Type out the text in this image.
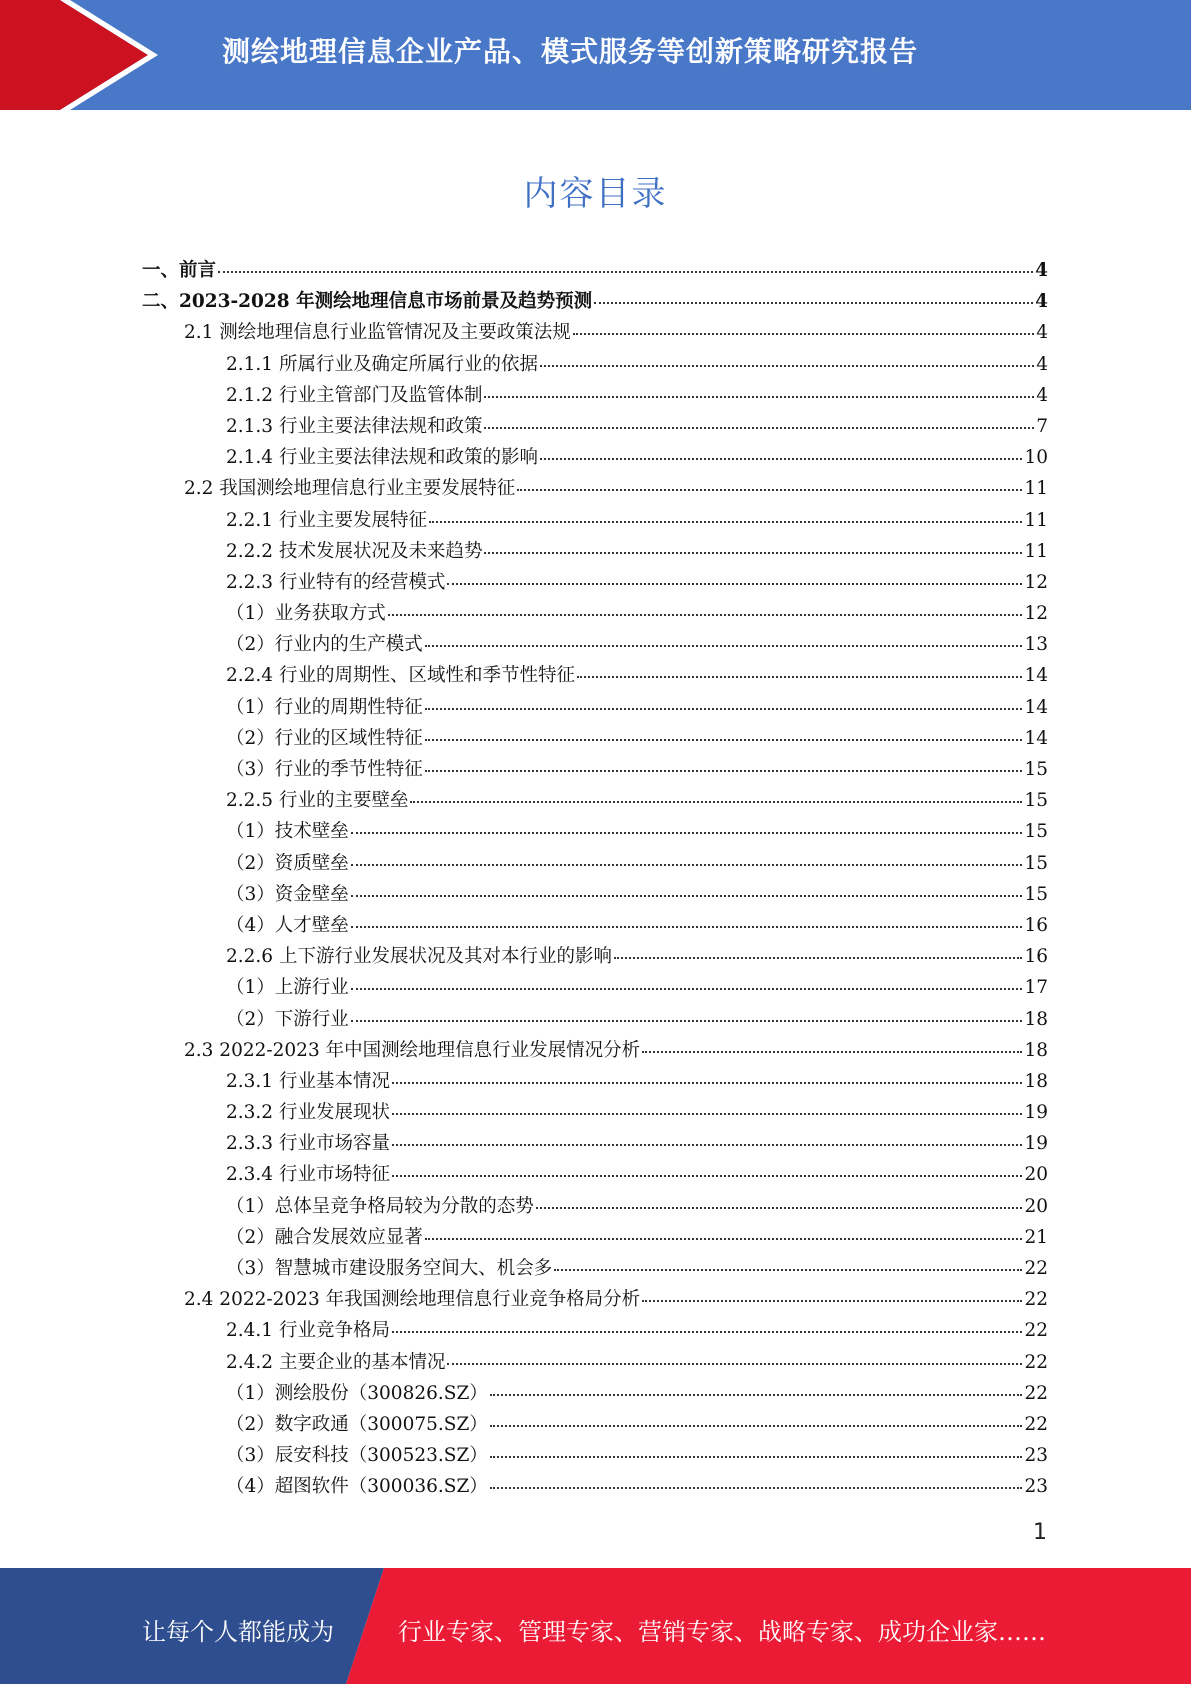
测绘地理信息企业产品、模式服务等创新策略研究报告
内容目录
一、前言	4
二、2023-2028 年测绘地理信息市场前景及趋势预测	4
2.1 测绘地理信息行业监管情况及主要政策法规	4
2.1.1 所属行业及确定所属行业的依据	4
2.1.2 行业主管部门及监管体制	4
2.1.3 行业主要法律法规和政策	7
2.1.4 行业主要法律法规和政策的影响	10
2.2 我国测绘地理信息行业主要发展特征	11
2.2.1 行业主要发展特征	11
2.2.2 技术发展状况及未来趋势	11
2.2.3 行业特有的经营模式	12
（1）业务获取方式	12
（2）行业内的生产模式	13
2.2.4 行业的周期性、区域性和季节性特征	14
（1）行业的周期性特征	14
（2）行业的区域性特征	14
（3）行业的季节性特征	15
2.2.5 行业的主要壁垒	15
（1）技术壁垒	15
（2）资质壁垒	15
（3）资金壁垒	15
（4）人才壁垒	16
2.2.6 上下游行业发展状况及其对本行业的影响	16
（1）上游行业	17
（2）下游行业	18
2.3 2022-2023 年中国测绘地理信息行业发展情况分析	18
2.3.1 行业基本情况	18
2.3.2 行业发展现状	19
2.3.3 行业市场容量	19
2.3.4 行业市场特征	20
（1）总体呈竞争格局较为分散的态势	20
（2）融合发展效应显著	21
（3）智慧城市建设服务空间大、机会多	22
2.4 2022-2023 年我国测绘地理信息行业竞争格局分析	22
2.4.1 行业竞争格局	22
2.4.2 主要企业的基本情况	22
（1）测绘股份（300826.SZ）	22
（2）数字政通（300075.SZ）	22
（3）辰安科技（300523.SZ）	23
（4）超图软件（300036.SZ）	23
1
让每个人都能成为	行业专家、管理专家、营销专家、战略专家、成功企业家……
